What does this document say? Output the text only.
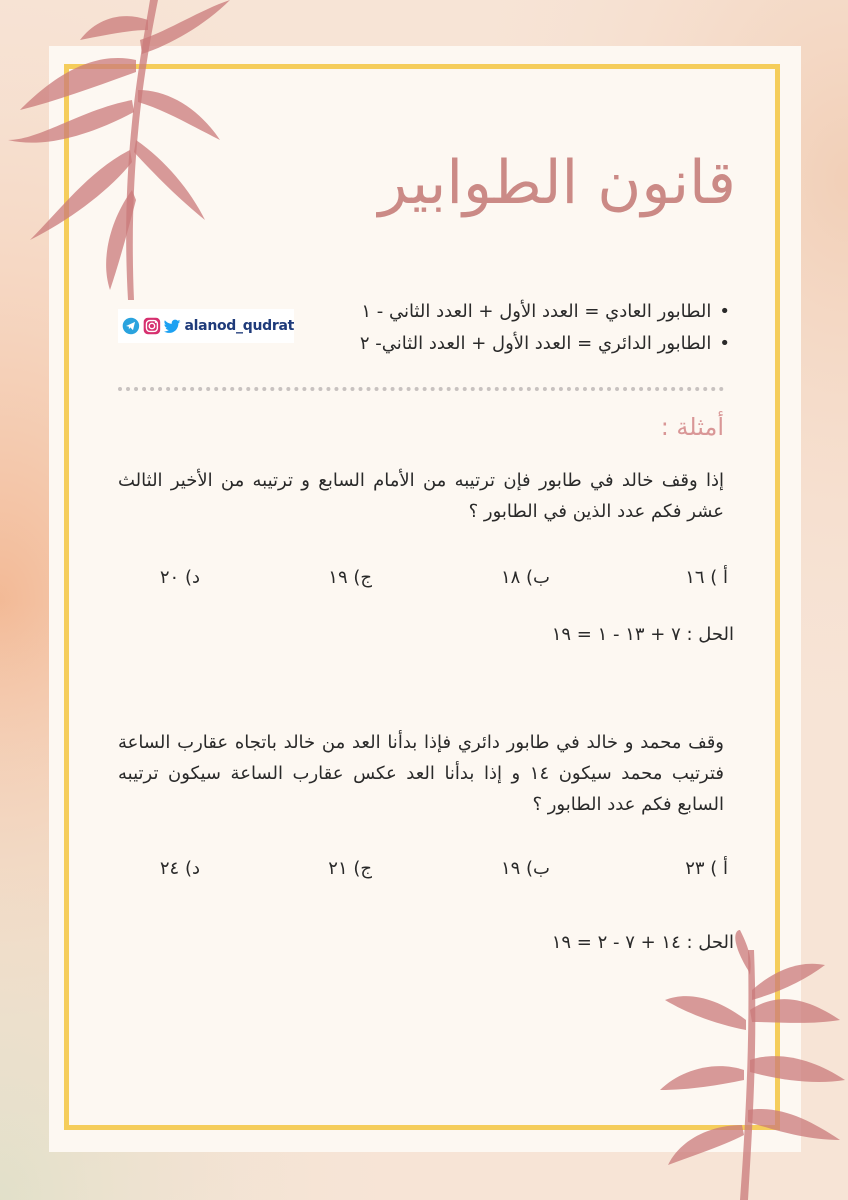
قانون الطوابير
• الطابور العادي = العدد الأول + العدد الثاني - ١
• الطابور الدائري = العدد الأول + العدد الثاني- ٢
alanod_qudrat
أمثلة :

إذا وقف خالد في طابور فإن ترتيبه من الأمام السابع و ترتيبه من الأخير الثالث عشر فكم عدد الذين في الطابور ؟

أ ) ١٦
ب) ١٨
ج) ١٩
د) ٢٠

الحل : ٧ + ١٣ - ١ = ١٩

وقف محمد و خالد في طابور دائري فإذا بدأنا العد من خالد باتجاه عقارب الساعة فترتيب محمد سيكون ١٤ و إذا بدأنا العد عكس عقارب الساعة سيكون ترتيبه السابع فكم عدد الطابور ؟

أ ) ٢٣
ب) ١٩
ج) ٢١
د) ٢٤

الحل : ١٤ + ٧ - ٢ = ١٩
